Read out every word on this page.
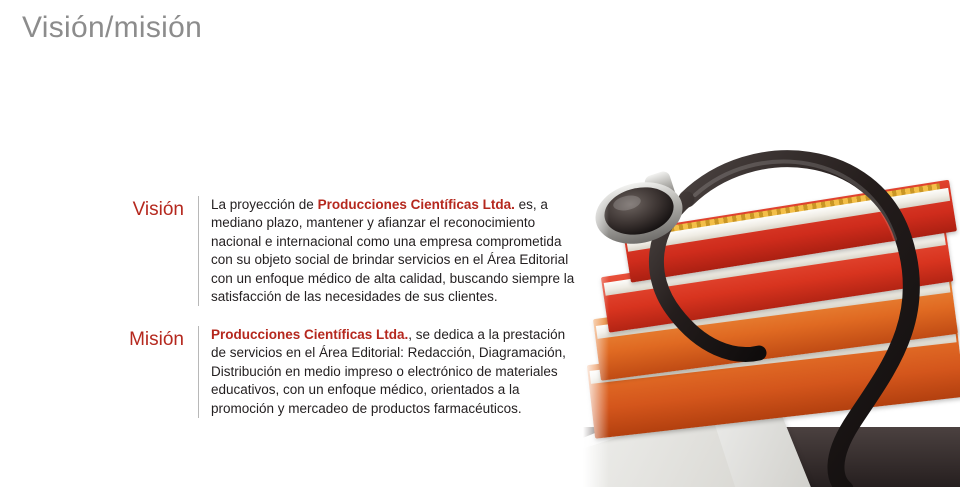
Visión/misión
Visión	La proyección de Producciones Científicas Ltda. es, a mediano plazo, mantener y afianzar el reconocimiento nacional e internacional como una empresa comprometida con su objeto social de brindar servicios en el Área Editorial con un enfoque médico de alta calidad, buscando siempre la satisfacción de las necesidades de sus clientes.
Misión	Producciones Científicas Ltda., se dedica a la prestación de servicios en el Área Editorial: Redacción, Diagramación, Distribución en medio impreso o electrónico de materiales educativos, con un enfoque médico, orientados a la promoción y mercadeo de productos farmacéuticos.
